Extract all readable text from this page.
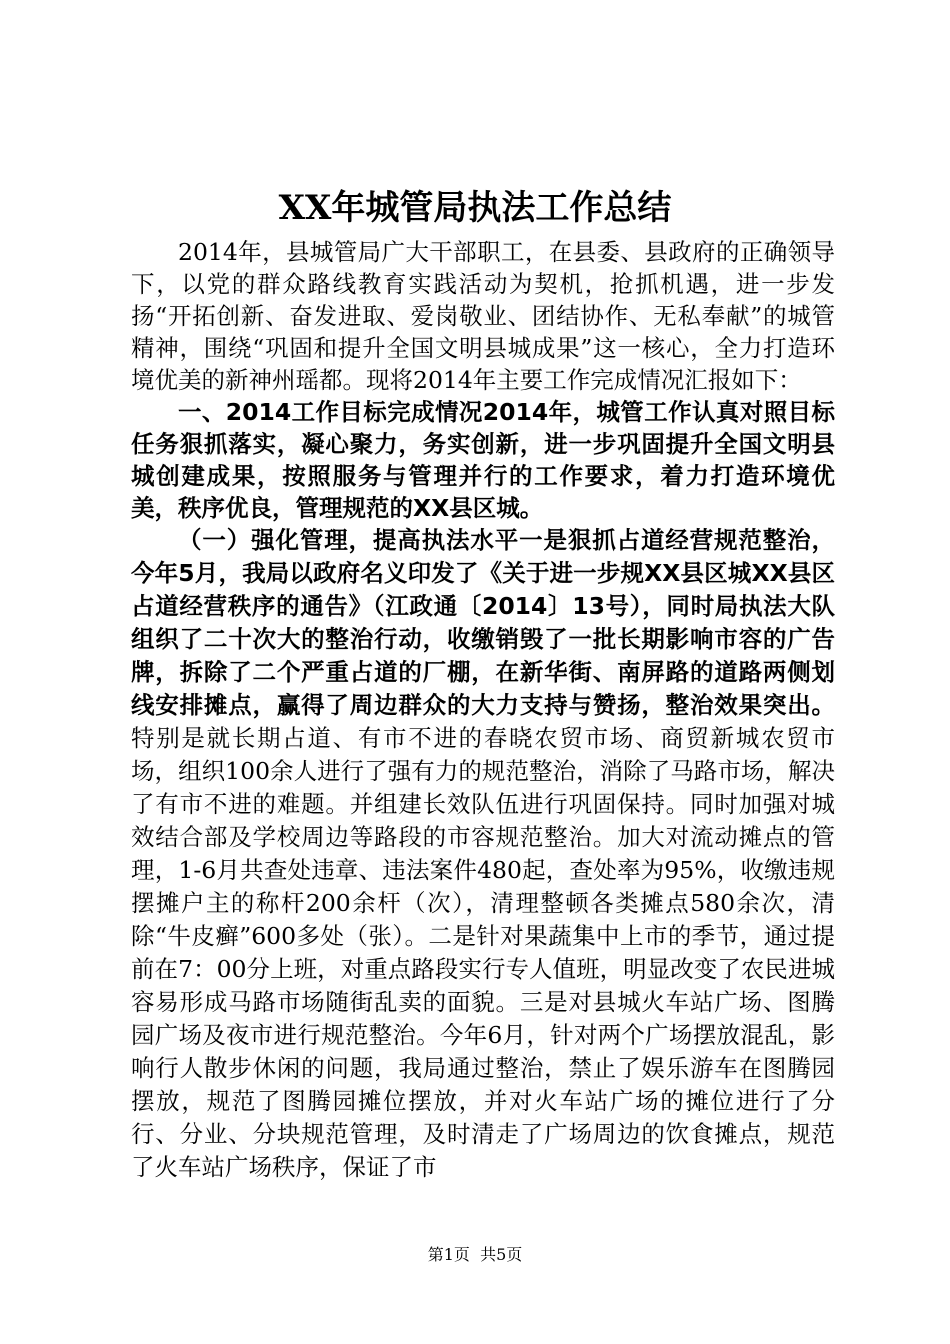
XX年城管局执法工作总结

2014年，县城管局广大干部职工，在县委、县政府的正确领导下，以党的群众路线教育实践活动为契机，抢抓机遇，进一步发扬“开拓创新、奋发进取、爱岗敬业、团结协作、无私奉献”的城管精神，围绕“巩固和提升全国文明县城成果”这一核心，全力打造环境优美的新神州瑶都。现将2014年主要工作完成情况汇报如下：

一、2014工作目标完成情况2014年，城管工作认真对照目标任务狠抓落实，凝心聚力，务实创新，进一步巩固提升全国文明县城创建成果，按照服务与管理并行的工作要求，着力打造环境优美，秩序优良，管理规范的XX县区城。

（一）强化管理，提高执法水平一是狠抓占道经营规范整治，今年5月，我局以政府名义印发了《关于进一步规XX县区城XX县区占道经营秩序的通告》（江政通〔2014〕13号），同时局执法大队组织了二十次大的整治行动，收缴销毁了一批长期影响市容的广告牌，拆除了二个严重占道的厂棚，在新华街、南屏路的道路两侧划线安排摊点，赢得了周边群众的大力支持与赞扬，整治效果突出。特别是就长期占道、有市不进的春晓农贸市场、商贸新城农贸市场，组织100余人进行了强有力的规范整治，消除了马路市场，解决了有市不进的难题。并组建长效队伍进行巩固保持。同时加强对城效结合部及学校周边等路段的市容规范整治。加大对流动摊点的管理，1-6月共查处违章、违法案件480起，查处率为95%，收缴违规摆摊户主的称杆200余杆（次），清理整顿各类摊点580余次，清除“牛皮癣”600多处（张）。二是针对果蔬集中上市的季节，通过提前在7：00分上班，对重点路段实行专人值班，明显改变了农民进城容易形成马路市场随街乱卖的面貌。三是对县城火车站广场、图腾园广场及夜市进行规范整治。今年6月，针对两个广场摆放混乱，影响行人散步休闲的问题，我局通过整治，禁止了娱乐游车在图腾园摆放，规范了图腾园摊位摆放，并对火车站广场的摊位进行了分行、分业、分块规范管理，及时清走了广场周边的饮食摊点，规范了火车站广场秩序，保证了市

第1页 共5页
